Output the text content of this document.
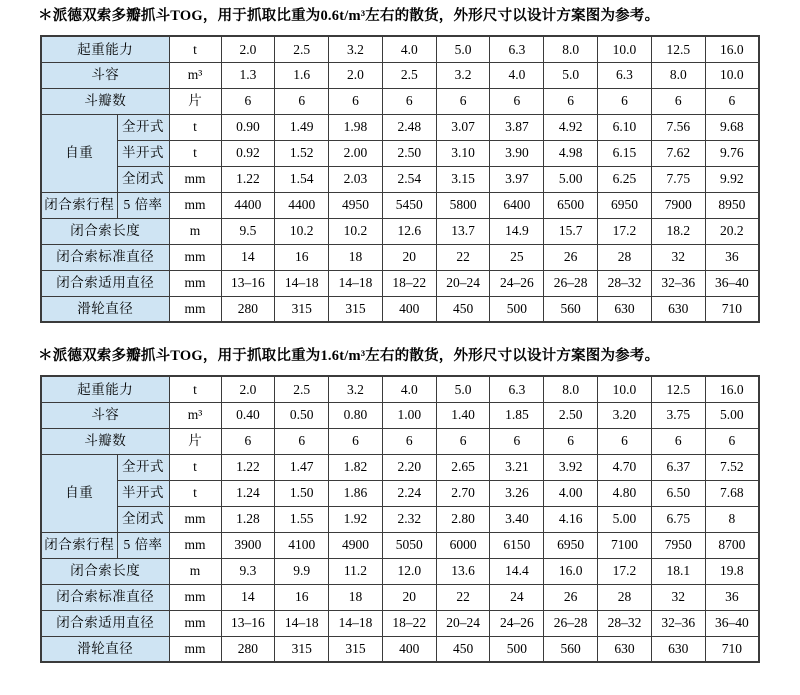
＊派德双索多瓣抓斗TOG，用于抓取比重为0.6t/m³左右的散货，外形尺寸以设计方案图为参考。

起重能力		t	2.0	2.5	3.2	4.0	5.0	6.3	8.0	10.0	12.5	16.0
斗容		m³	1.3	1.6	2.0	2.5	3.2	4.0	5.0	6.3	8.0	10.0
斗瓣数		片	6	6	6	6	6	6	6	6	6	6
自重	全开式	t	0.90	1.49	1.98	2.48	3.07	3.87	4.92	6.10	7.56	9.68
	半开式	t	0.92	1.52	2.00	2.50	3.10	3.90	4.98	6.15	7.62	9.76
	全闭式	mm	1.22	1.54	2.03	2.54	3.15	3.97	5.00	6.25	7.75	9.92
闭合索行程	5 倍率	mm	4400	4400	4950	5450	5800	6400	6500	6950	7900	8950
闭合索长度		m	9.5	10.2	10.2	12.6	13.7	14.9	15.7	17.2	18.2	20.2
闭合索标准直径		mm	14	16	18	20	22	25	26	28	32	36
闭合索适用直径		mm	13–16	14–18	14–18	18–22	20–24	24–26	26–28	28–32	32–36	36–40
滑轮直径		mm	280	315	315	400	450	500	560	630	630	710

＊派德双索多瓣抓斗TOG，用于抓取比重为1.6t/m³左右的散货，外形尺寸以设计方案图为参考。

起重能力		t	2.0	2.5	3.2	4.0	5.0	6.3	8.0	10.0	12.5	16.0
斗容		m³	0.40	0.50	0.80	1.00	1.40	1.85	2.50	3.20	3.75	5.00
斗瓣数		片	6	6	6	6	6	6	6	6	6	6
自重	全开式	t	1.22	1.47	1.82	2.20	2.65	3.21	3.92	4.70	6.37	7.52
	半开式	t	1.24	1.50	1.86	2.24	2.70	3.26	4.00	4.80	6.50	7.68
	全闭式	mm	1.28	1.55	1.92	2.32	2.80	3.40	4.16	5.00	6.75	8
闭合索行程	5 倍率	mm	3900	4100	4900	5050	6000	6150	6950	7100	7950	8700
闭合索长度		m	9.3	9.9	11.2	12.0	13.6	14.4	16.0	17.2	18.1	19.8
闭合索标准直径		mm	14	16	18	20	22	24	26	28	32	36
闭合索适用直径		mm	13–16	14–18	14–18	18–22	20–24	24–26	26–28	28–32	32–36	36–40
滑轮直径		mm	280	315	315	400	450	500	560	630	630	710
